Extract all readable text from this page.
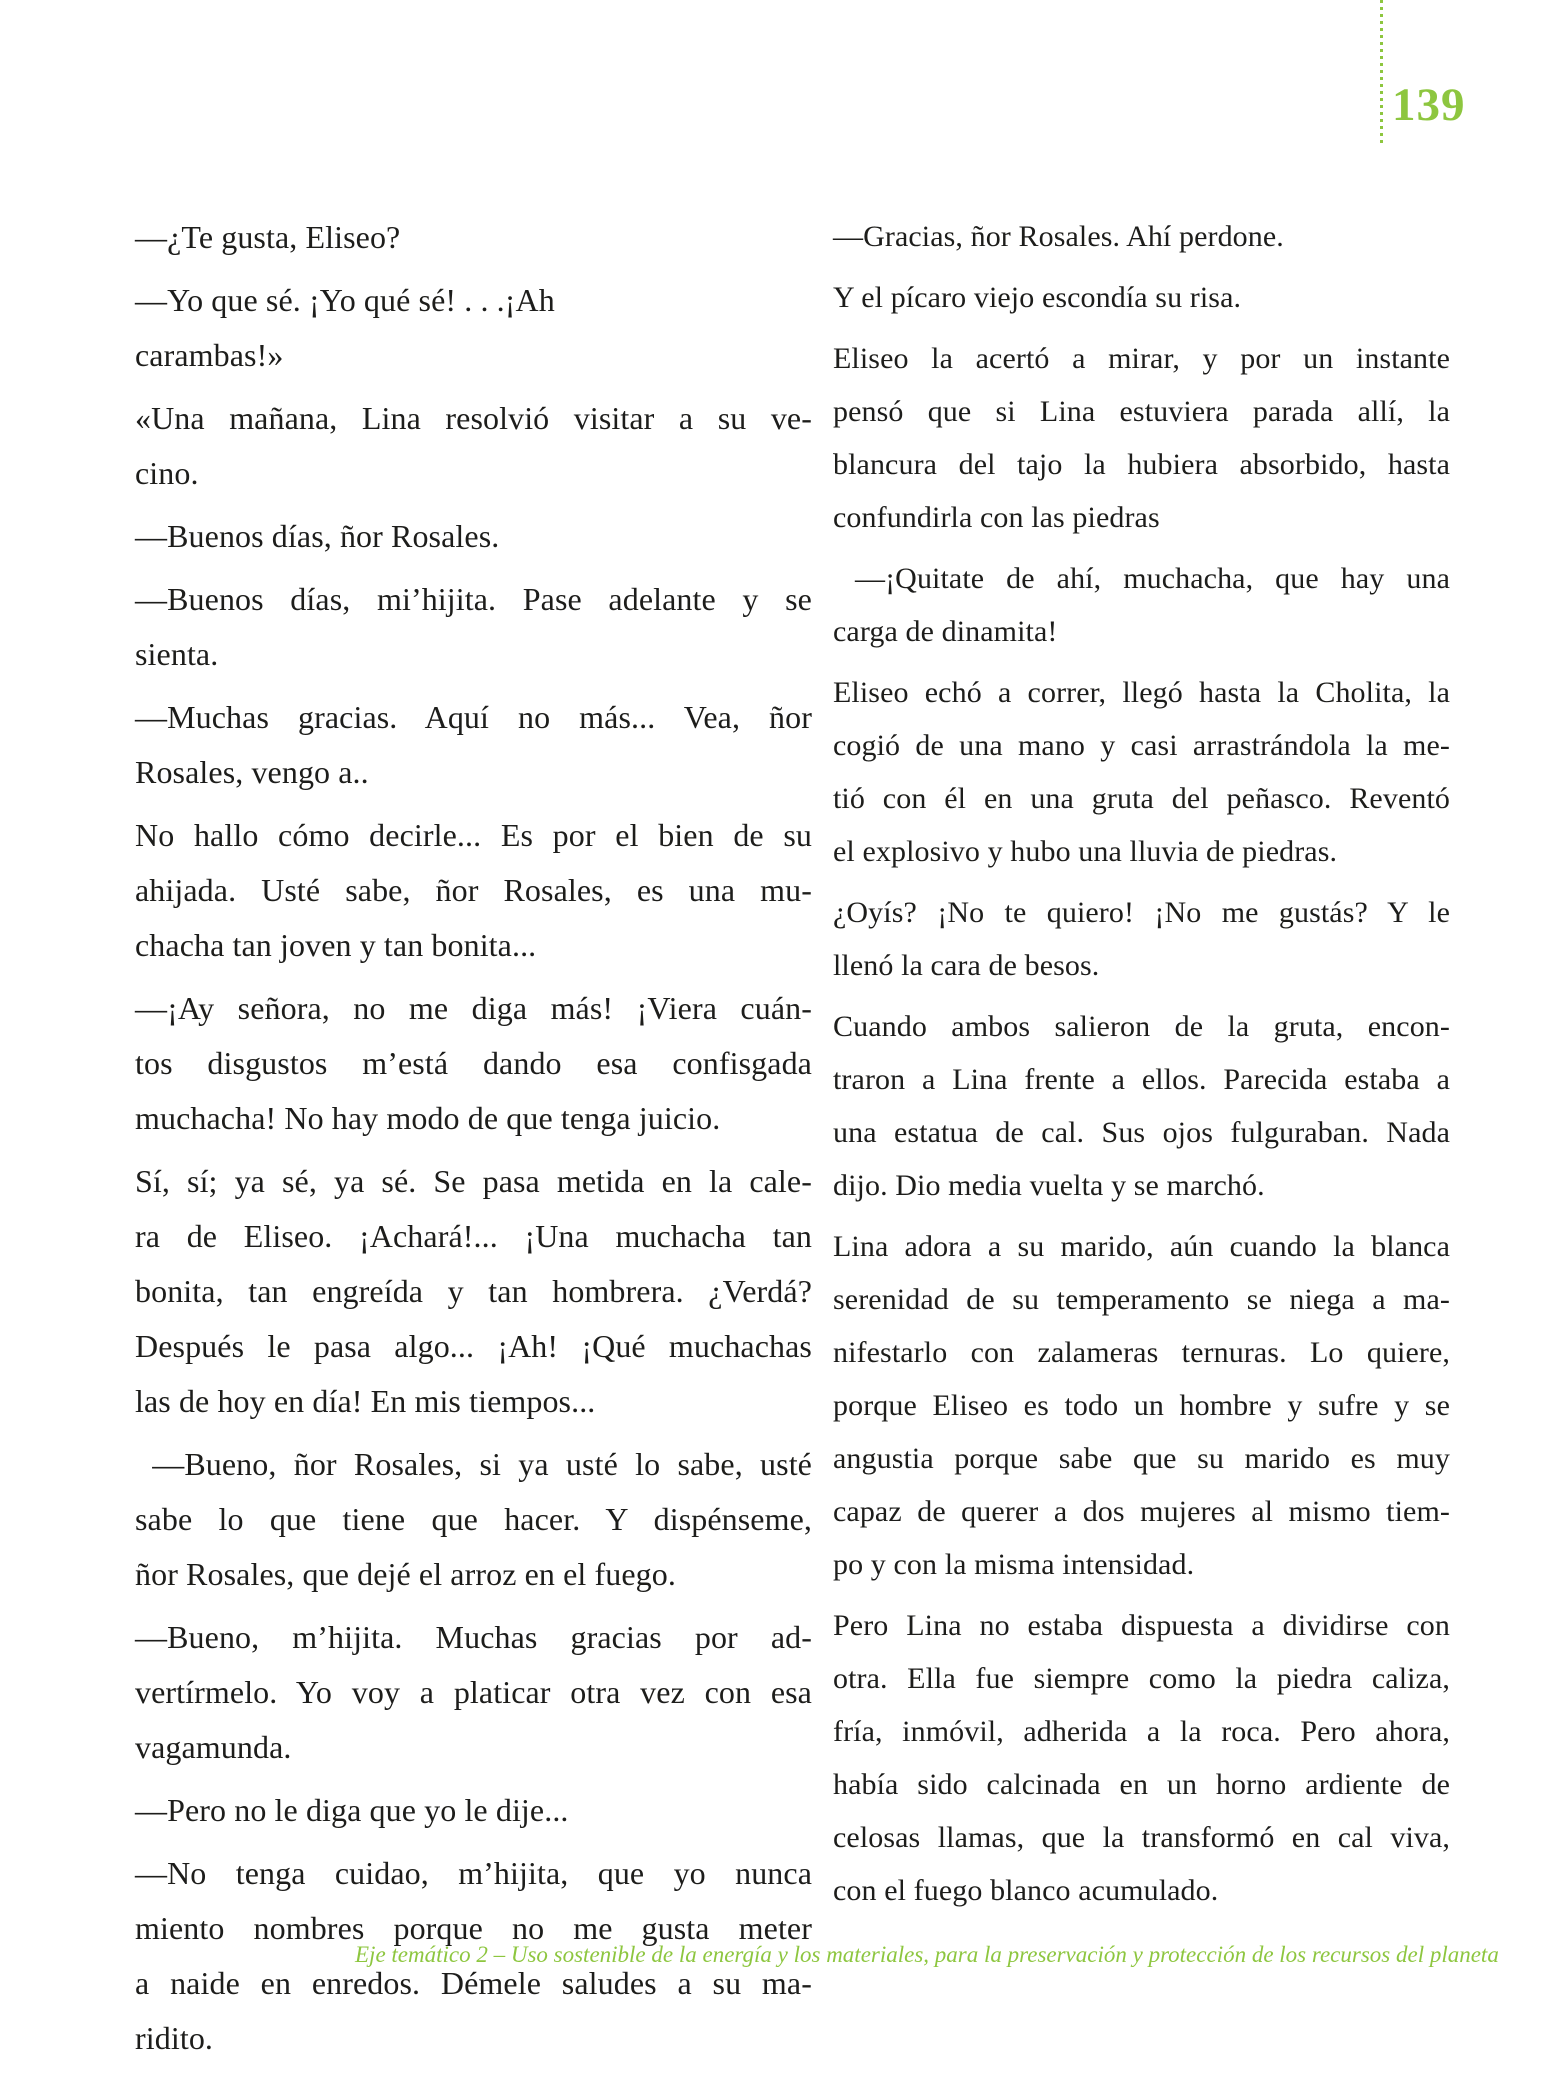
139
—¿Te gusta, Eliseo?
—Yo que sé. ¡Yo qué sé! . . .¡Ah
carambas!»
«Una mañana, Lina resolvió visitar a su ve-
cino.
—Buenos días, ñor Rosales.
—Buenos días, mi’hijita. Pase adelante y se
sienta.
—Muchas gracias. Aquí no más... Vea, ñor
Rosales, vengo a..
No hallo cómo decirle... Es por el bien de su
ahijada. Usté sabe, ñor Rosales, es una mu-
chacha tan joven y tan bonita...
—¡Ay señora, no me diga más! ¡Viera cuán-
tos disgustos m’está dando esa confisgada
muchacha! No hay modo de que tenga juicio.
Sí, sí; ya sé, ya sé. Se pasa metida en la cale-
ra de Eliseo. ¡Achará!... ¡Una muchacha tan
bonita, tan engreída y tan hombrera. ¿Verdá?
Después le pasa algo... ¡Ah! ¡Qué muchachas
las de hoy en día! En mis tiempos...
—Bueno, ñor Rosales, si ya usté lo sabe, usté
sabe lo que tiene que hacer. Y dispénseme,
ñor Rosales, que dejé el arroz en el fuego.
—Bueno, m’hijita. Muchas gracias por ad-
vertírmelo. Yo voy a platicar otra vez con esa
vagamunda.
—Pero no le diga que yo le dije...
—No tenga cuidao, m’hijita, que yo nunca
miento nombres porque no me gusta meter
a naide en enredos. Démele saludes a su ma-
ridito.
—Gracias, ñor Rosales. Ahí perdone.
Y el pícaro viejo escondía su risa.
Eliseo la acertó a mirar, y por un instante
pensó que si Lina estuviera parada allí, la
blancura del tajo la hubiera absorbido, hasta
confundirla con las piedras
—¡Quitate de ahí, muchacha, que hay una
carga de dinamita!
Eliseo echó a correr, llegó hasta la Cholita, la
cogió de una mano y casi arrastrándola la me-
tió con él en una gruta del peñasco. Reventó
el explosivo y hubo una lluvia de piedras.
¿Oyís? ¡No te quiero! ¡No me gustás? Y le
llenó la cara de besos.
Cuando ambos salieron de la gruta, encon-
traron a Lina frente a ellos. Parecida estaba a
una estatua de cal. Sus ojos fulguraban. Nada
dijo. Dio media vuelta y se marchó.
Lina adora a su marido, aún cuando la blanca
serenidad de su temperamento se niega a ma-
nifestarlo con zalameras ternuras. Lo quiere,
porque Eliseo es todo un hombre y sufre y se
angustia porque sabe que su marido es muy
capaz de querer a dos mujeres al mismo tiem-
po y con la misma intensidad.
Pero Lina no estaba dispuesta a dividirse con
otra. Ella fue siempre como la piedra caliza,
fría, inmóvil, adherida a la roca. Pero ahora,
había sido calcinada en un horno ardiente de
celosas llamas, que la transformó en cal viva,
con el fuego blanco acumulado.
Eje temático 2 – Uso sostenible de la energía y los materiales, para la preservación y protección de los recursos del planeta
